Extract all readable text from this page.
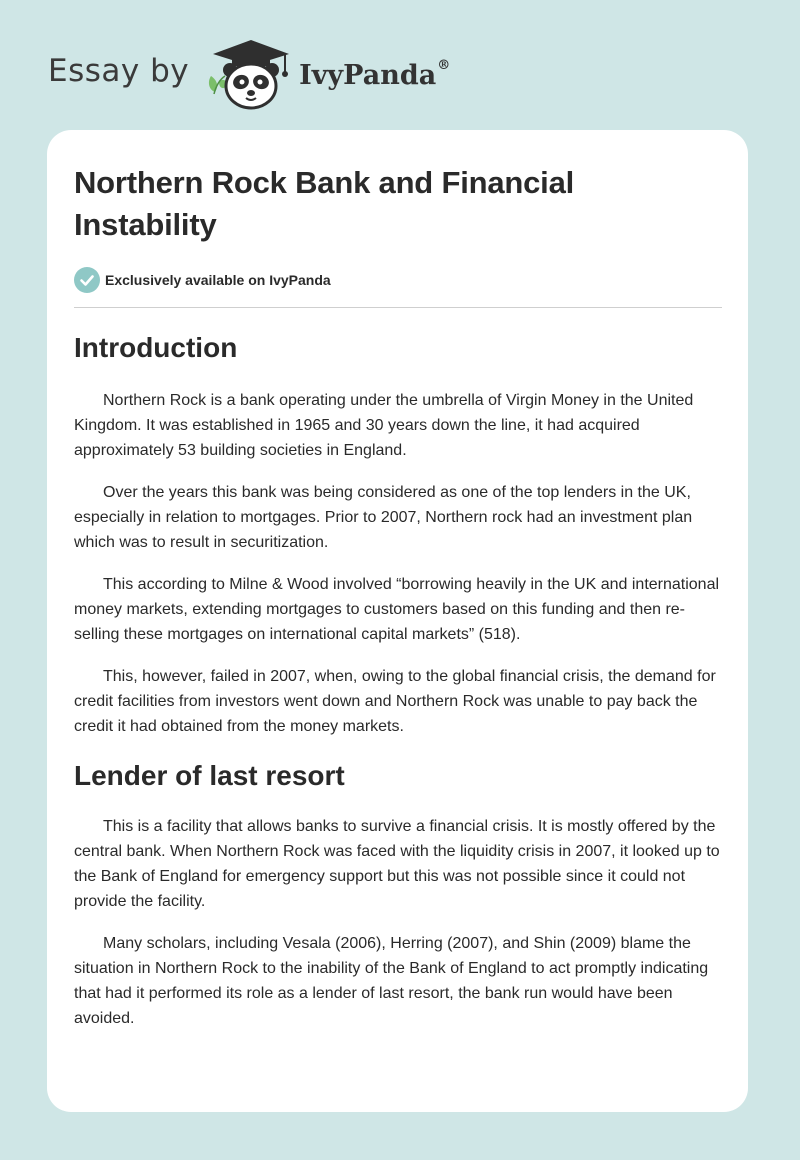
Essay by	IvyPanda®
Northern Rock Bank and Financial Instability
Exclusively available on IvyPanda
Introduction

Northern Rock is a bank operating under the umbrella of Virgin Money in the United Kingdom. It was established in 1965 and 30 years down the line, it had acquired approximately 53 building societies in England.

Over the years this bank was being considered as one of the top lenders in the UK, especially in relation to mortgages. Prior to 2007, Northern rock had an investment plan which was to result in securitization.

This according to Milne & Wood involved “borrowing heavily in the UK and international money markets, extending mortgages to customers based on this funding and then re-selling these mortgages on international capital markets” (518).

This, however, failed in 2007, when, owing to the global financial crisis, the demand for credit facilities from investors went down and Northern Rock was unable to pay back the credit it had obtained from the money markets.

Lender of last resort

This is a facility that allows banks to survive a financial crisis. It is mostly offered by the central bank. When Northern Rock was faced with the liquidity crisis in 2007, it looked up to the Bank of England for emergency support but this was not possible since it could not provide the facility.

Many scholars, including Vesala (2006), Herring (2007), and Shin (2009) blame the situation in Northern Rock to the inability of the Bank of England to act promptly indicating that had it performed its role as a lender of last resort, the bank run would have been avoided.
